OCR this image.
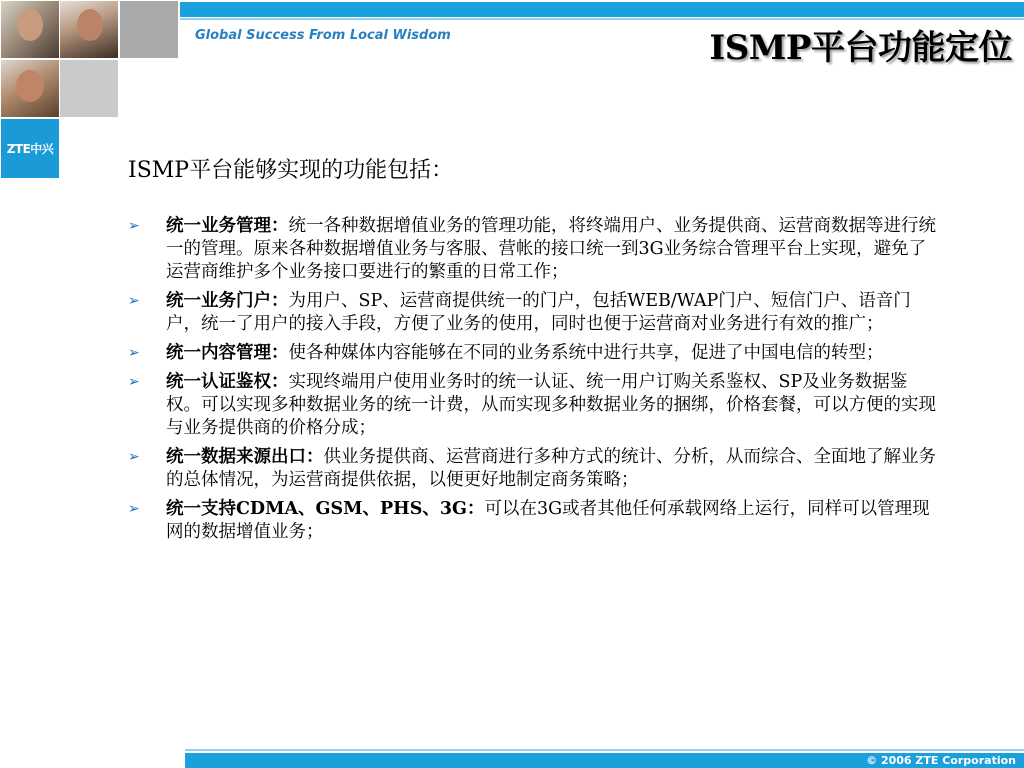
ZTE中兴
Global Success From Local Wisdom	ISMP平台功能定位
ISMP平台能够实现的功能包括：
➢ 统一业务管理：统一各种数据增值业务的管理功能，将终端用户、业务提供商、运营商数据等进行统一的管理。原来各种数据增值业务与客服、营帐的接口统一到3G业务综合管理平台上实现，避免了运营商维护多个业务接口要进行的繁重的日常工作；
➢ 统一业务门户：为用户、SP、运营商提供统一的门户，包括WEB/WAP门户、短信门户、语音门户，统一了用户的接入手段，方便了业务的使用，同时也便于运营商对业务进行有效的推广；
➢ 统一内容管理：使各种媒体内容能够在不同的业务系统中进行共享，促进了中国电信的转型；
➢ 统一认证鉴权：实现终端用户使用业务时的统一认证、统一用户订购关系鉴权、SP及业务数据鉴权。可以实现多种数据业务的统一计费，从而实现多种数据业务的捆绑，价格套餐，可以方便的实现与业务提供商的价格分成；
➢ 统一数据来源出口：供业务提供商、运营商进行多种方式的统计、分析，从而综合、全面地了解业务的总体情况，为运营商提供依据，以便更好地制定商务策略；
➢ 统一支持CDMA、GSM、PHS、3G：可以在3G或者其他任何承载网络上运行，同样可以管理现网的数据增值业务；
© 2006 ZTE Corporation
